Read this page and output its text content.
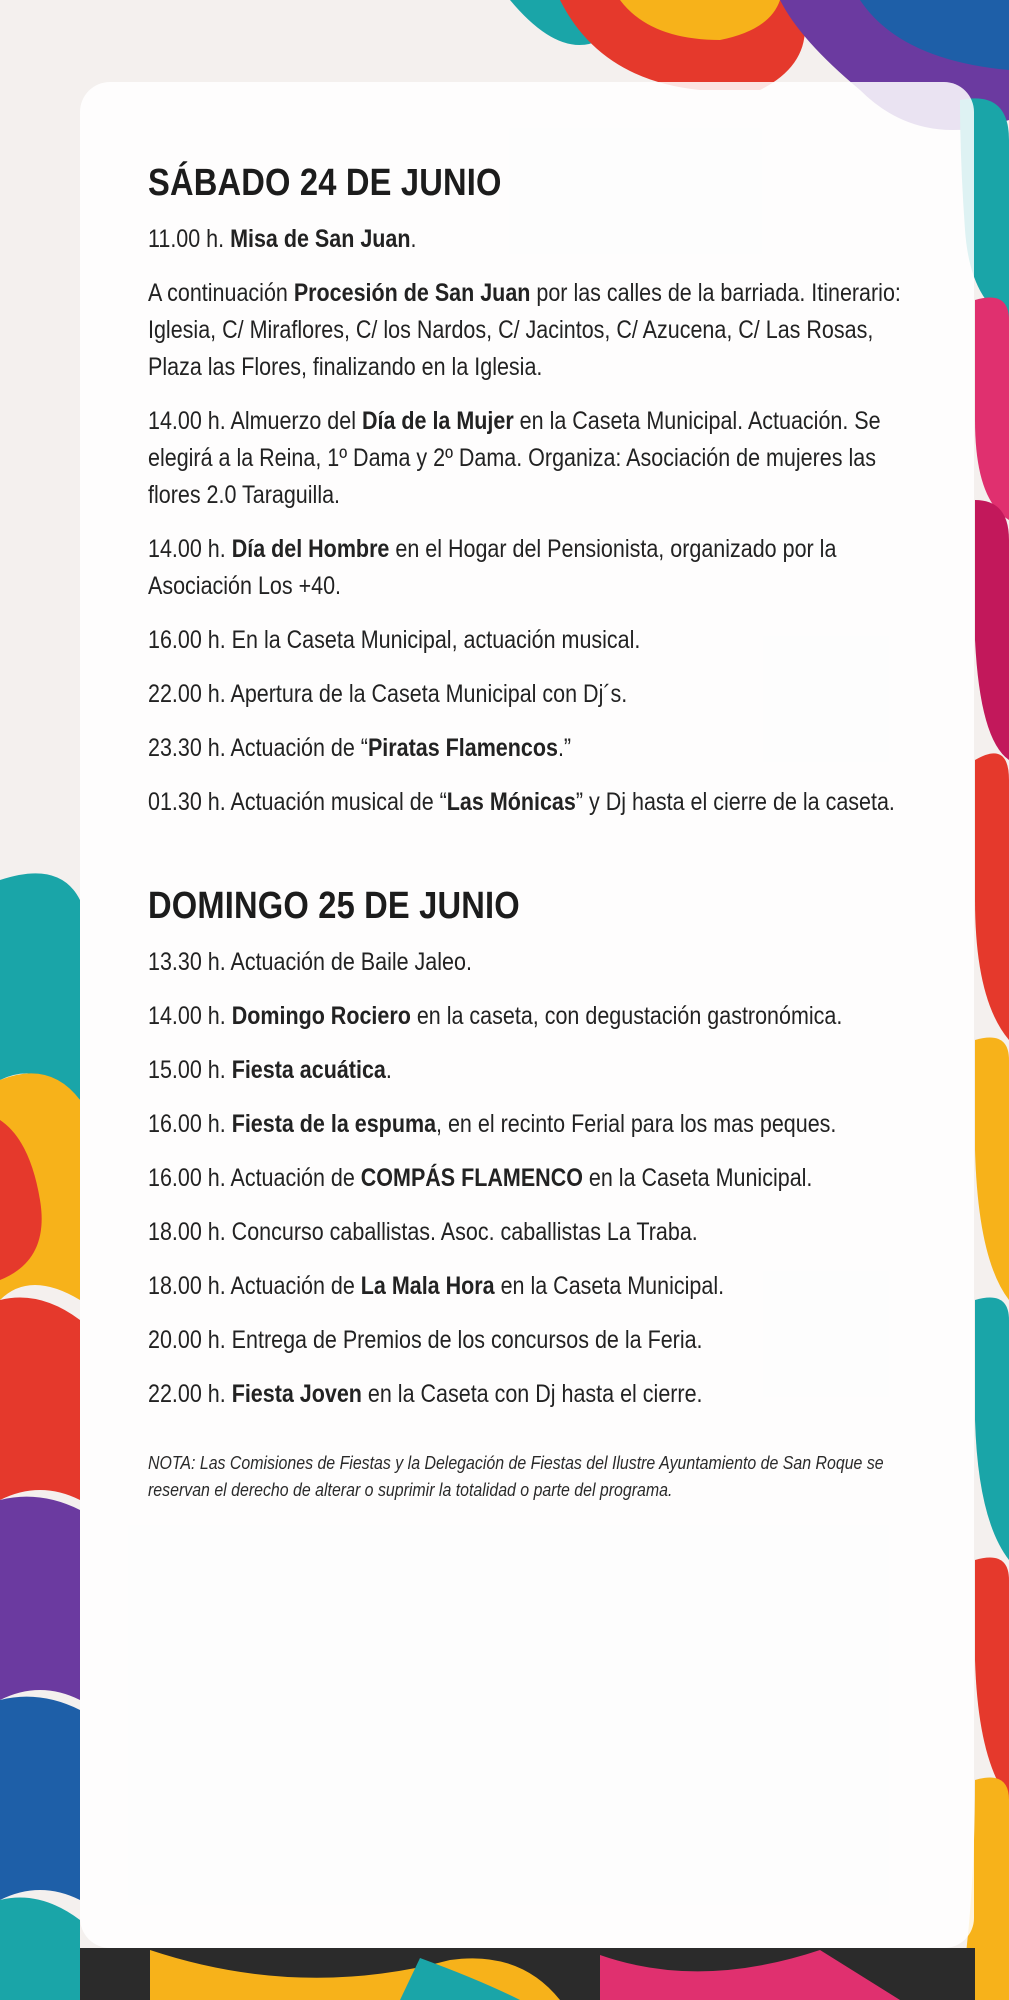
SÁBADO 24 DE JUNIO
11.00 h. Misa de San Juan.
A continuación Procesión de San Juan por las calles de la barriada. Itinerario: Iglesia, C/ Miraflores, C/ los Nardos, C/ Jacintos, C/ Azucena, C/ Las Rosas, Plaza las Flores, finalizando en la Iglesia.
14.00 h. Almuerzo del Día de la Mujer en la Caseta Municipal. Actuación. Se elegirá a la Reina, 1º Dama y 2º Dama. Organiza: Asociación de mujeres las flores 2.0 Taraguilla.
14.00 h. Día del Hombre en el Hogar del Pensionista, organizado por la Asociación Los +40.
16.00 h. En la Caseta Municipal, actuación musical.
22.00 h. Apertura de la Caseta Municipal con Dj´s.
23.30 h. Actuación de “Piratas Flamencos.”
01.30 h. Actuación musical de “Las Mónicas” y Dj hasta el cierre de la caseta.
DOMINGO 25 DE JUNIO
13.30 h. Actuación de Baile Jaleo.
14.00 h. Domingo Rociero en la caseta, con degustación gastronómica.
15.00 h. Fiesta acuática.
16.00 h. Fiesta de la espuma, en el recinto Ferial para los mas peques.
16.00 h. Actuación de COMPÁS FLAMENCO en la Caseta Municipal.
18.00 h. Concurso caballistas. Asoc. caballistas La Traba.
18.00 h. Actuación de La Mala Hora en la Caseta Municipal.
20.00 h. Entrega de Premios de los concursos de la Feria.
22.00 h. Fiesta Joven en la Caseta con Dj hasta el cierre.
NOTA: Las Comisiones de Fiestas y la Delegación de Fiestas del Ilustre Ayuntamiento de San Roque se reservan el derecho de alterar o suprimir la totalidad o parte del programa.
